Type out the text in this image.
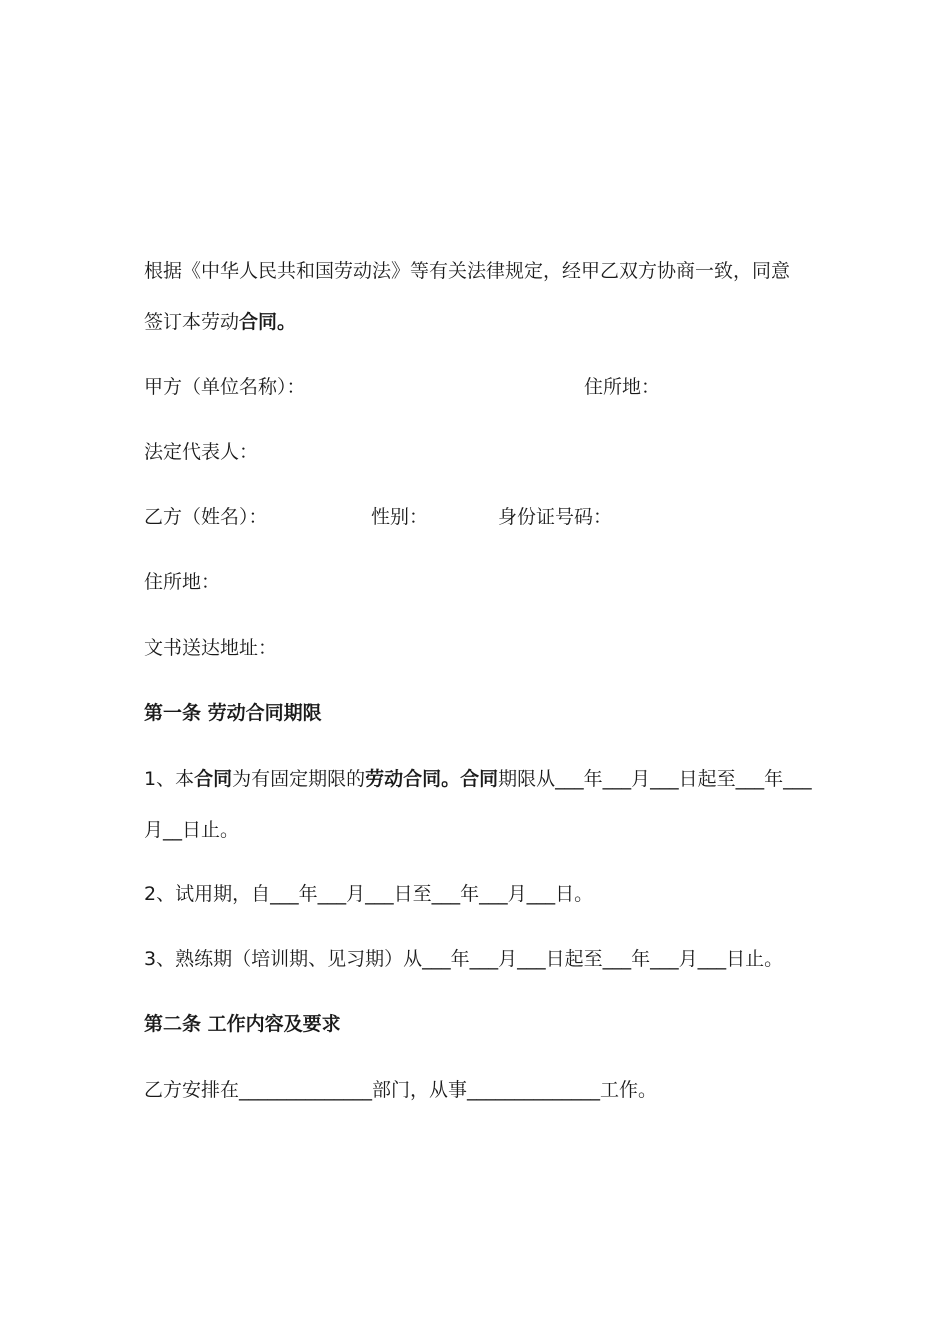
根据《中华人民共和国劳动法》等有关法律规定，经甲乙双方协商一致，同意
签订本劳动合同。
甲方（单位名称）：	住所地：
法定代表人：
乙方（姓名）：	性别：	身份证号码：
住所地：
文书送达地址：
第一条 劳动合同期限
1、本合同为有固定期限的劳动合同。合同期限从___年___月___日起至___年___
月__日止。
2、试用期，自___年___月___日至___年___月___日。
3、熟练期（培训期、见习期）从___年___月___日起至___年___月___日止。
第二条 工作内容及要求
乙方安排在______________部门，从事______________工作。
